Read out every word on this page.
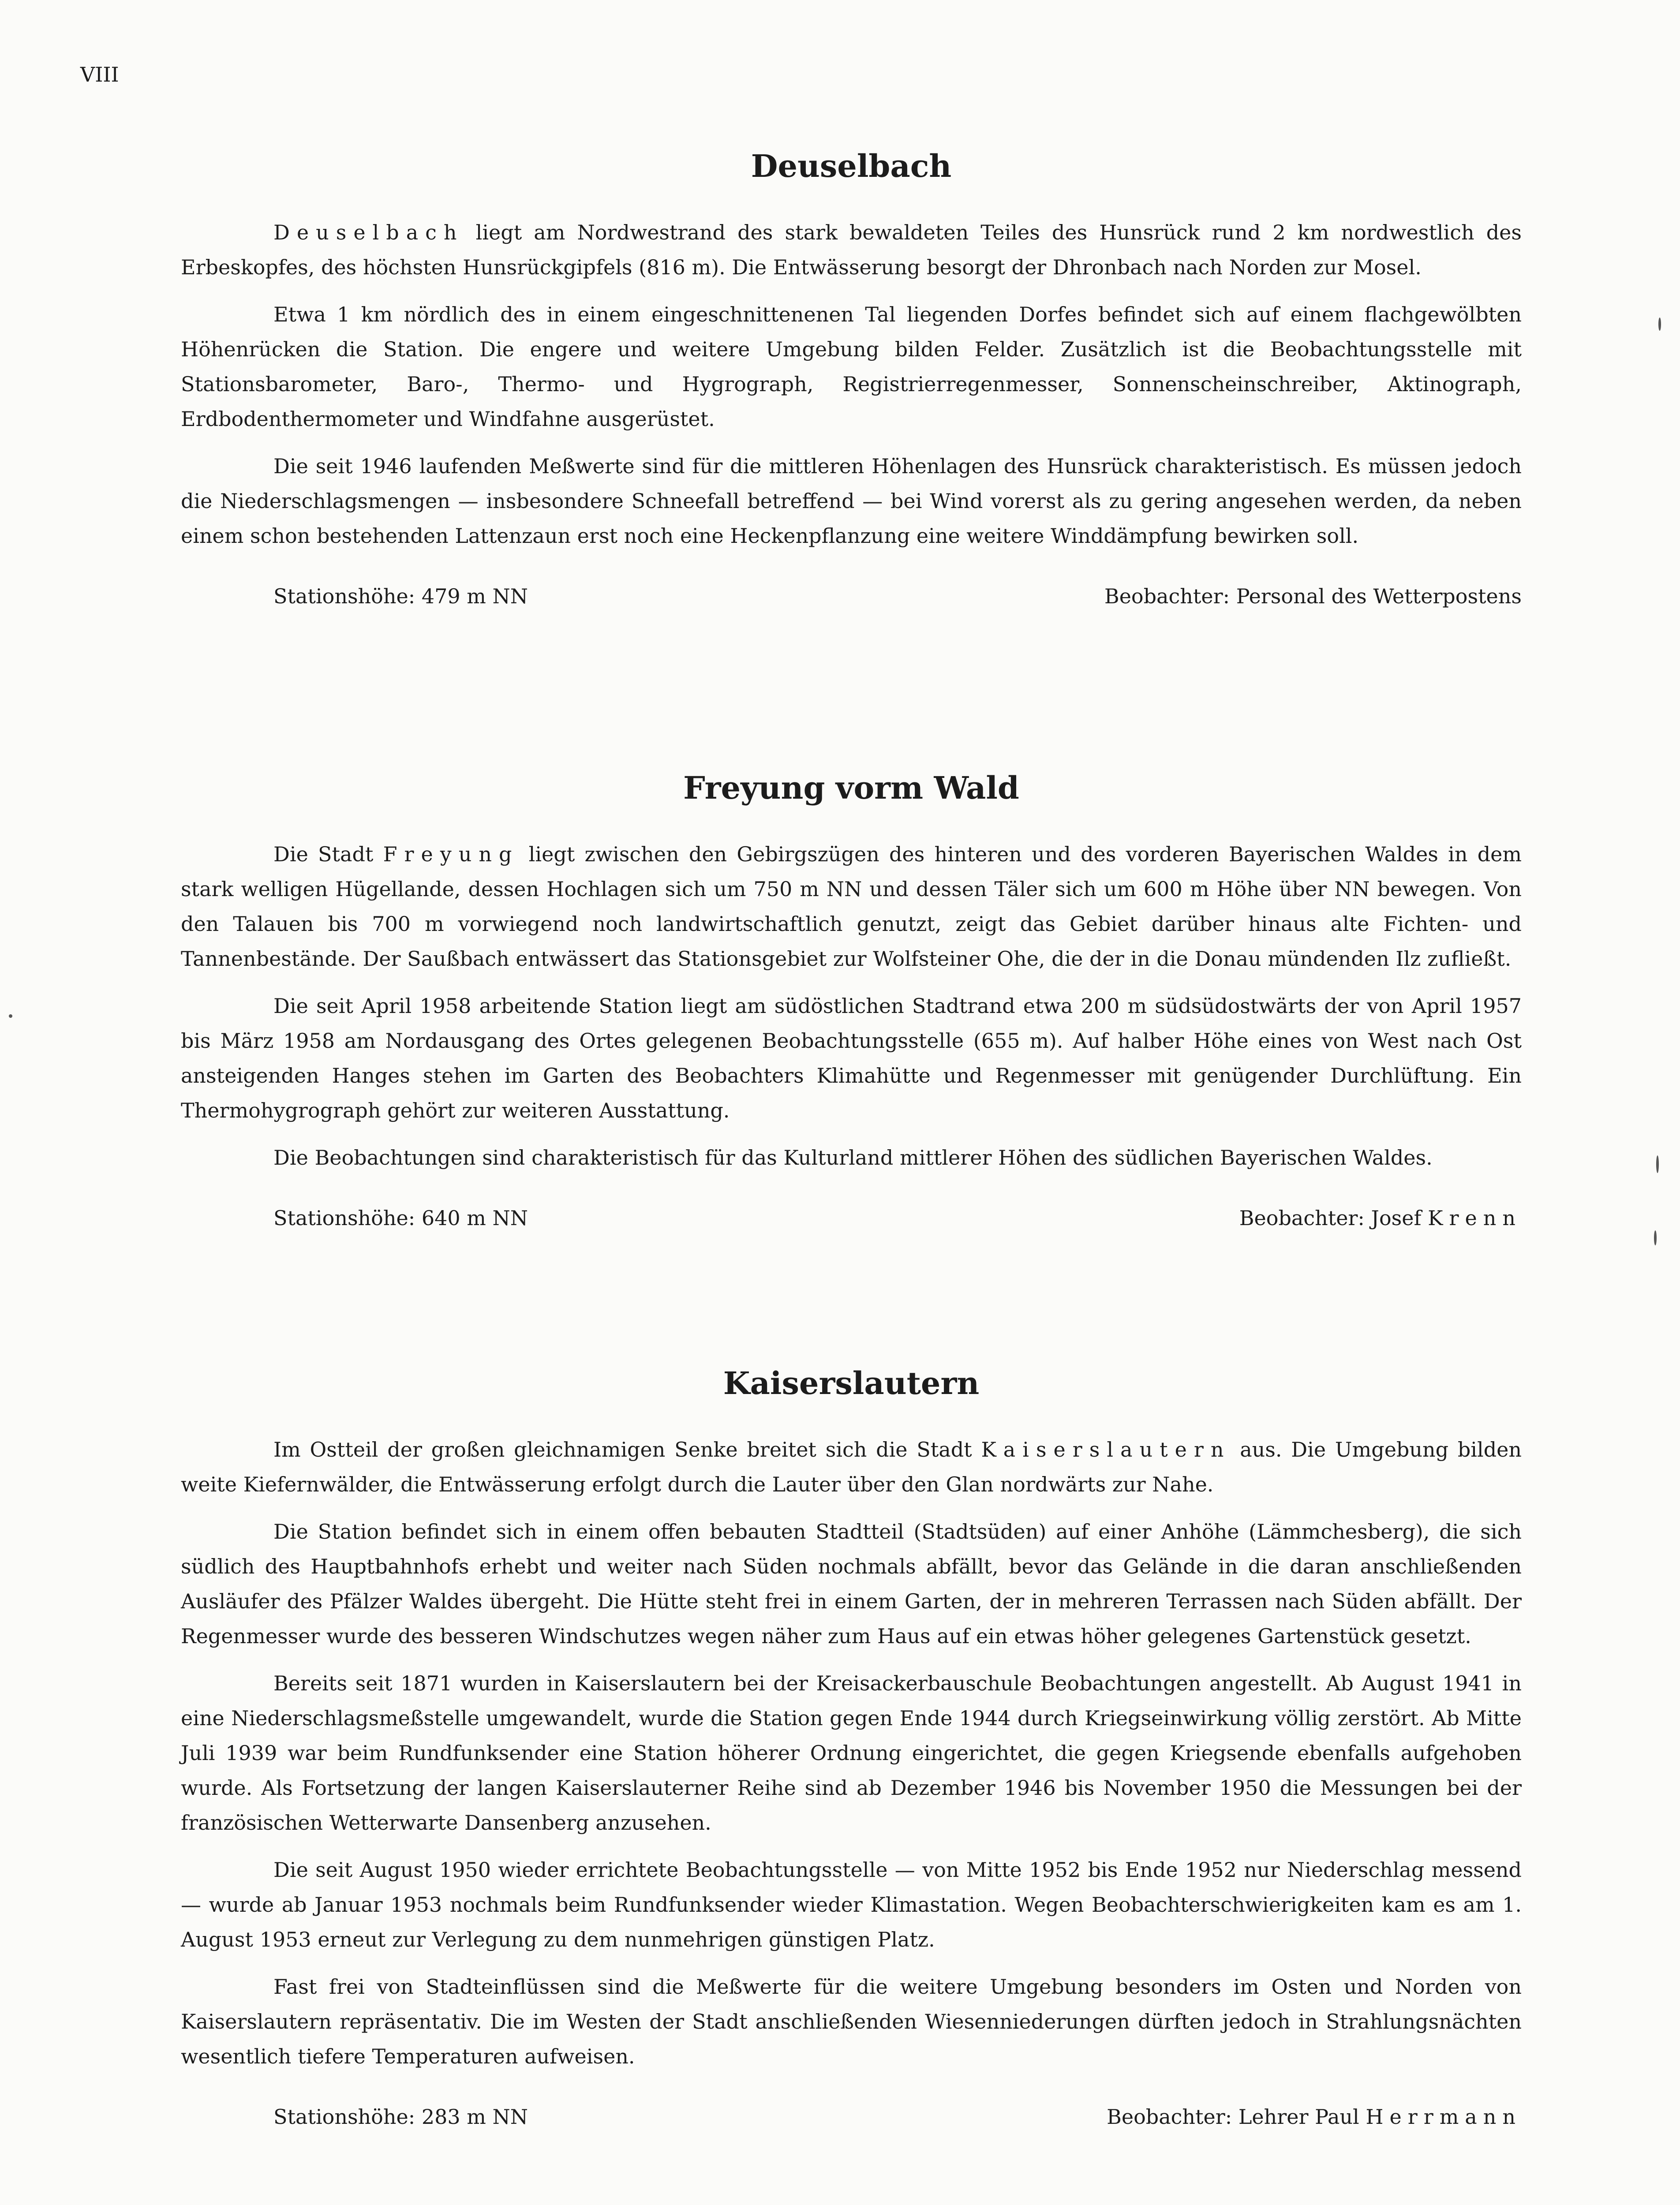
VIII
Deuselbach

Deuselbach liegt am Nordwestrand des stark bewaldeten Teiles des Hunsrück rund 2 km nordwestlich des Erbeskopfes, des höchsten Hunsrückgipfels (816 m). Die Entwässerung besorgt der Dhronbach nach Norden zur Mosel.

Etwa 1 km nördlich des in einem eingeschnittenenen Tal liegenden Dorfes befindet sich auf einem flachgewölbten Höhenrücken die Station. Die engere und weitere Umgebung bilden Felder. Zusätzlich ist die Beobachtungsstelle mit Stationsbarometer, Baro-, Thermo- und Hygrograph, Registrierregenmesser, Sonnenscheinschreiber, Aktinograph, Erdbodenthermometer und Windfahne ausgerüstet.

Die seit 1946 laufenden Meßwerte sind für die mittleren Höhenlagen des Hunsrück charakteristisch. Es müssen jedoch die Niederschlagsmengen — insbesondere Schneefall betreffend — bei Wind vorerst als zu gering angesehen werden, da neben einem schon bestehenden Lattenzaun erst noch eine Heckenpflanzung eine weitere Winddämpfung bewirken soll.

Stationshöhe: 479 m NN	Beobachter: Personal des Wetterpostens
Freyung vorm Wald

Die Stadt Freyung liegt zwischen den Gebirgszügen des hinteren und des vorderen Bayerischen Waldes in dem stark welligen Hügellande, dessen Hochlagen sich um 750 m NN und dessen Täler sich um 600 m Höhe über NN bewegen. Von den Talauen bis 700 m vorwiegend noch landwirtschaftlich genutzt, zeigt das Gebiet darüber hinaus alte Fichten- und Tannenbestände. Der Saußbach entwässert das Stationsgebiet zur Wolfsteiner Ohe, die der in die Donau mündenden Ilz zufließt.

Die seit April 1958 arbeitende Station liegt am südöstlichen Stadtrand etwa 200 m südsüdostwärts der von April 1957 bis März 1958 am Nordausgang des Ortes gelegenen Beobachtungsstelle (655 m). Auf halber Höhe eines von West nach Ost ansteigenden Hanges stehen im Garten des Beobachters Klimahütte und Regenmesser mit genügender Durchlüftung. Ein Thermohygrograph gehört zur weiteren Ausstattung.

Die Beobachtungen sind charakteristisch für das Kulturland mittlerer Höhen des südlichen Bayerischen Waldes.

Stationshöhe: 640 m NN	Beobachter: Josef Krenn
Kaiserslautern

Im Ostteil der großen gleichnamigen Senke breitet sich die Stadt Kaiserslautern aus. Die Umgebung bilden weite Kiefernwälder, die Entwässerung erfolgt durch die Lauter über den Glan nordwärts zur Nahe.

Die Station befindet sich in einem offen bebauten Stadtteil (Stadtsüden) auf einer Anhöhe (Lämmchesberg), die sich südlich des Hauptbahnhofs erhebt und weiter nach Süden nochmals abfällt, bevor das Gelände in die daran anschließenden Ausläufer des Pfälzer Waldes übergeht. Die Hütte steht frei in einem Garten, der in mehreren Terrassen nach Süden abfällt. Der Regenmesser wurde des besseren Windschutzes wegen näher zum Haus auf ein etwas höher gelegenes Gartenstück gesetzt.

Bereits seit 1871 wurden in Kaiserslautern bei der Kreisackerbauschule Beobachtungen angestellt. Ab August 1941 in eine Niederschlagsmeßstelle umgewandelt, wurde die Station gegen Ende 1944 durch Kriegseinwirkung völlig zerstört. Ab Mitte Juli 1939 war beim Rundfunksender eine Station höherer Ordnung eingerichtet, die gegen Kriegsende ebenfalls aufgehoben wurde. Als Fortsetzung der langen Kaiserslauterner Reihe sind ab Dezember 1946 bis November 1950 die Messungen bei der französischen Wetterwarte Dansenberg anzusehen.

Die seit August 1950 wieder errichtete Beobachtungsstelle — von Mitte 1952 bis Ende 1952 nur Niederschlag messend — wurde ab Januar 1953 nochmals beim Rundfunksender wieder Klimastation. Wegen Beobachterschwierigkeiten kam es am 1. August 1953 erneut zur Verlegung zu dem nunmehrigen günstigen Platz.

Fast frei von Stadteinflüssen sind die Meßwerte für die weitere Umgebung besonders im Osten und Norden von Kaiserslautern repräsentativ. Die im Westen der Stadt anschließenden Wiesenniederungen dürften jedoch in Strahlungsnächten wesentlich tiefere Temperaturen aufweisen.

Stationshöhe: 283 m NN	Beobachter: Lehrer Paul Herrmann
